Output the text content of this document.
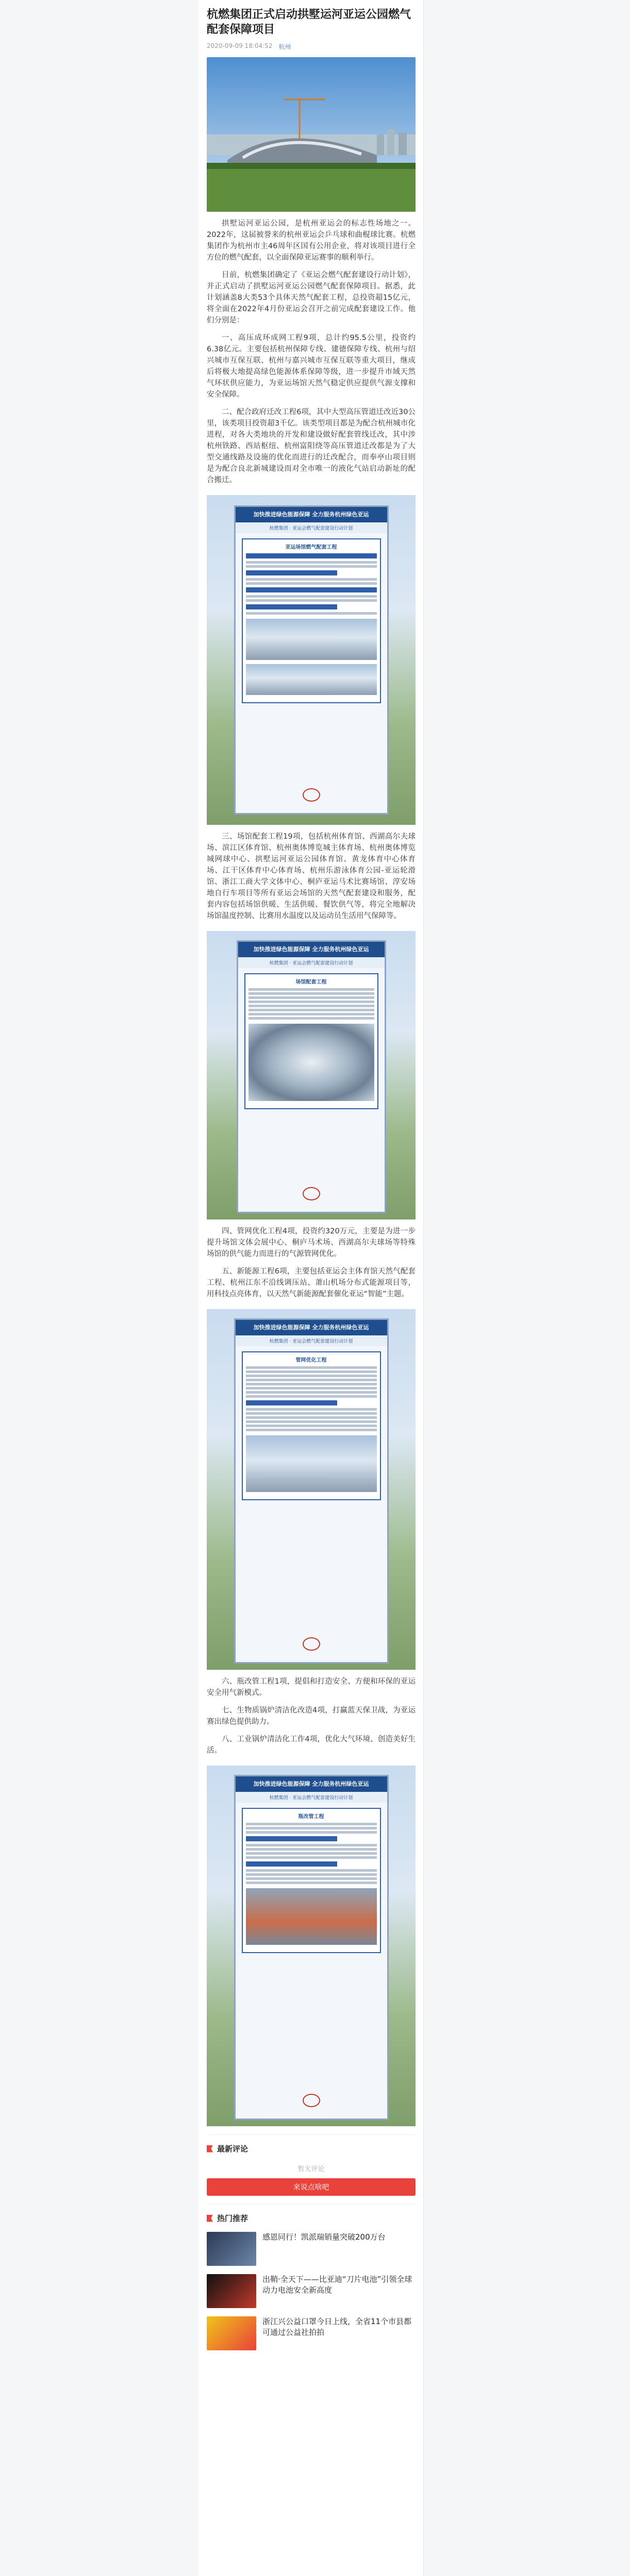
杭燃集团正式启动拱墅运河亚运公园燃气配套保障项目
2020-09-09 18:04:52 杭州

拱墅运河亚运公园，是杭州亚运会的标志性场地之一。2022年，这届被誉来的杭州亚运会乒乓球和曲棍球比赛。杭燃集团作为杭州市主46周年区国有公用企业，将对该项目进行全方位的燃气配套，以全面保障亚运赛事的顺利举行。

目前，杭燃集团确定了《亚运会燃气配套建设行动计划》，并正式启动了拱墅运河亚运公园燃气配套保障项目。据悉，此计划涵盖8大类53个具体天然气配套工程，总投资超15亿元，将全面在2022年4月份亚运会召开之前完成配套建设工作。他们分别是：

一、高压成环成网工程9项，总计约95.5公里，投资约6.38亿元。主要包括杭州保障专线、建德保障专线、杭州与绍兴城市互保互联、杭州与嘉兴城市互保互联等重大项目，继成后将极大地提高绿色能源体系保障等级，进一步提升市域天然气环状供应能力，为亚运场馆天然气稳定供应提供气源支撑和安全保障。

二、配合政府迁改工程6项，其中大型高压管道迁改近30公里，该类项目投资超3千亿。该类型项目都是为配合杭州城市化进程，对各大类地块的开发和建设做好配套管线迁改，其中涉杭州铁路、西站枢纽、杭州富阳绕等高压管道迁改都是为了大型交通线路及设施的优化而进行的迁改配合，而奉亭山项目则是为配合良北新城建设而对全市唯一的液化气站启动新址的配合搬迁。

加快推进绿色能源保障 全力服务杭州绿色亚运
杭燃集团 · 亚运会燃气配套建设行动计划
亚运场馆燃气配套工程

三、场馆配套工程19项，包括杭州体育馆、西湖高尔夫球场、滨江区体育馆、杭州奥体博览城主体育场、杭州奥体博览城网球中心、拱墅运河亚运公园体育馆、黄龙体育中心体育场、江干区体育中心体育场、杭州乐游泳体育公园-亚运轮滑馆、浙江工商大学文体中心、桐庐亚运马术比赛场馆、淳安场地自行车项目等所有亚运会场馆的天然气配套建设和服务，配套内容包括场馆供暖、生活供暖、餐饮供气等，将完全地解决场馆温度控制、比赛用水温度以及运动员生活用气保障等。

加快推进绿色能源保障 全力服务杭州绿色亚运
杭燃集团 · 亚运会燃气配套建设行动计划
场馆配套工程

四、管网优化工程4项，投资约320万元，主要是为进一步提升场馆文体会展中心、桐庐马术场、西湖高尔夫球场等特殊场馆的供气能力而进行的气源管网优化。

五、新能源工程6项，主要包括亚运会主体育馆天然气配套工程、杭州江东不沿线调压站、萧山机场分布式能源项目等，用科技点亮体育，以天然气新能源配套催化亚运“智能”主题。

加快推进绿色能源保障 全力服务杭州绿色亚运
杭燃集团 · 亚运会燃气配套建设行动计划
管网优化工程

六、瓶改管工程1项，提倡和打造安全、方便和环保的亚运安全用气新模式。

七、生物质锅炉清洁化改造4项，打赢蓝天保卫战，为亚运赛出绿色提供助力。

八、工业锅炉清洁化工作4项，优化大气环境、创造美好生活。

加快推进绿色能源保障 全力服务杭州绿色亚运
杭燃集团 · 亚运会燃气配套建设行动计划
瓶改管工程
最新评论
暂无评论
来说点啥吧
热门推荐
感恩同行！凯派瑞销量突破200万台
出鞘·全天下——比亚迪“刀片电池”引领全球动力电池安全新高度
浙江兴公益口罩今日上线，全省11个市县都可通过公益社拍拍
